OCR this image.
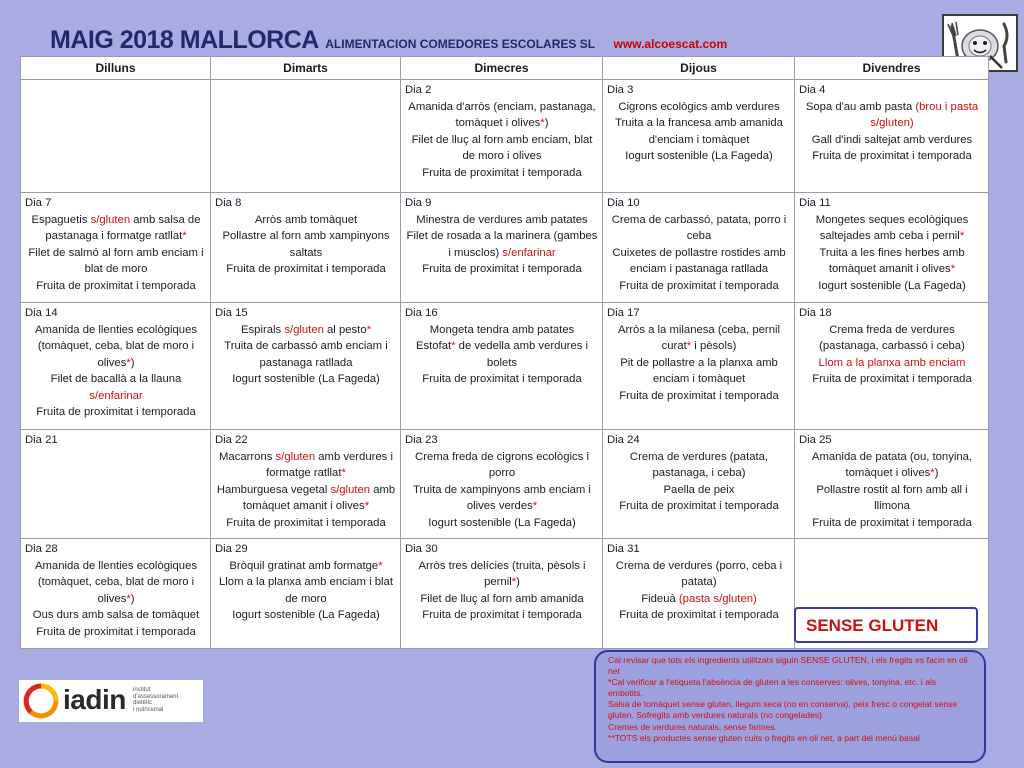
MAIG 2018 MALLORCA ALIMENTACION COMEDORES ESCOLARES SL www.alcoescat.com
Dilluns	Dimarts	Dimecres	Dijous	Divendres

		Dia 2
Amanida d'arròs (enciam, pastanaga, tomàquet i olives*)
Filet de lluç al forn amb enciam, blat de moro i olives
Fruita de proximitat i temporada	Dia 3
Cigrons ecològics amb verdures
Truita a la francesa amb amanida d'enciam i tomàquet
Iogurt sostenible (La Fageda)	Dia 4
Sopa d'au amb pasta (brou i pasta s/gluten)
Gall d'indi saltejat amb verdures
Fruita de proximitat i temporada

Dia 7
Espaguetis s/gluten amb salsa de pastanaga i formatge ratllat*
Filet de salmó al forn amb enciam i blat de moro
Fruita de proximitat i temporada	Dia 8
Arròs amb tomàquet
Pollastre al forn amb xampinyons saltats
Fruita de proximitat i temporada	Dia 9
Minestra de verdures amb patates
Filet de rosada a la marinera (gambes i musclos) s/enfarinar
Fruita de proximitat i temporada	Dia 10
Crema de carbassó, patata, porro i ceba
Cuixetes de pollastre rostides amb enciam i pastanaga ratllada
Fruita de proximitat i temporada	Dia 11
Mongetes seques ecològiques saltejades amb ceba i pernil*
Truita a les fines herbes amb tomàquet amanit i olives*
Iogurt sostenible (La Fageda)

Dia 14
Amanida de llenties ecològiques (tomàquet, ceba, blat de moro i olives*)
Filet de bacallà a la llauna s/enfarinar
Fruita de proximitat i temporada	Dia 15
Espirals s/gluten al pesto*
Truita de carbassó amb enciam i pastanaga ratllada
Iogurt sostenible (La Fageda)	Dia 16
Mongeta tendra amb patates
Estofat* de vedella amb verdures i bolets
Fruita de proximitat i temporada	Dia 17
Arròs a la milanesa (ceba, pernil curat* i pèsols)
Pit de pollastre a la planxa amb enciam i tomàquet
Fruita de proximitat i temporada	Dia 18
Crema freda de verdures (pastanaga, carbassó i ceba)
Llom a la planxa amb enciam
Fruita de proximitat i temporada

Dia 21	Dia 22
Macarrons s/gluten amb verdures i formatge ratllat*
Hamburguesa vegetal s/gluten amb tomàquet amanit i olives*
Fruita de proximitat i temporada	Dia 23
Crema freda de cigrons ecològics i porro
Truita de xampinyons amb enciam i olives verdes*
Iogurt sostenible (La Fageda)	Dia 24
Crema de verdures (patata, pastanaga, i ceba)
Paella de peix
Fruita de proximitat i temporada	Dia 25
Amanida de patata (ou, tonyina, tomàquet i olives*)
Pollastre rostit al forn amb all i llimona
Fruita de proximitat i temporada

Dia 28
Amanida de llenties ecològiques (tomàquet, ceba, blat de moro i olives*)
Ous durs amb salsa de tomàquet
Fruita de proximitat i temporada	Dia 29
Bròquil gratinat amb formatge*
Llom a la planxa amb enciam i blat de moro
Iogurt sostenible (La Fageda)	Dia 30
Arròs tres delícies (truita, pèsols i pernil*)
Filet de lluç al forn amb amanida
Fruita de proximitat i temporada	Dia 31
Crema de verdures (porro, ceba i patata)
Fideuà (pasta s/gluten)
Fruita de proximitat i temporada	

SENSE GLUTEN
Cal revisar que tots els ingredients utilitzats siguin SENSE GLUTEN, i els fregits es facin en oli net
*Cal verificar a l'etiqueta l'absència de gluten a les conserves: olives, tonyina, etc. i als embotits.
Salsa de tomàquet sense gluten, llegum seca (no en conserva), peix fresc o congelat sense gluten. Sofregits amb verdures naturals (no congelades)
Cremes de verdures naturals, sense farines.
**TOTS els productes sense gluten cuits o fregits en oli net, a part del menú basal
iadin institut
d'assessorament
dietètic
i nutricional
